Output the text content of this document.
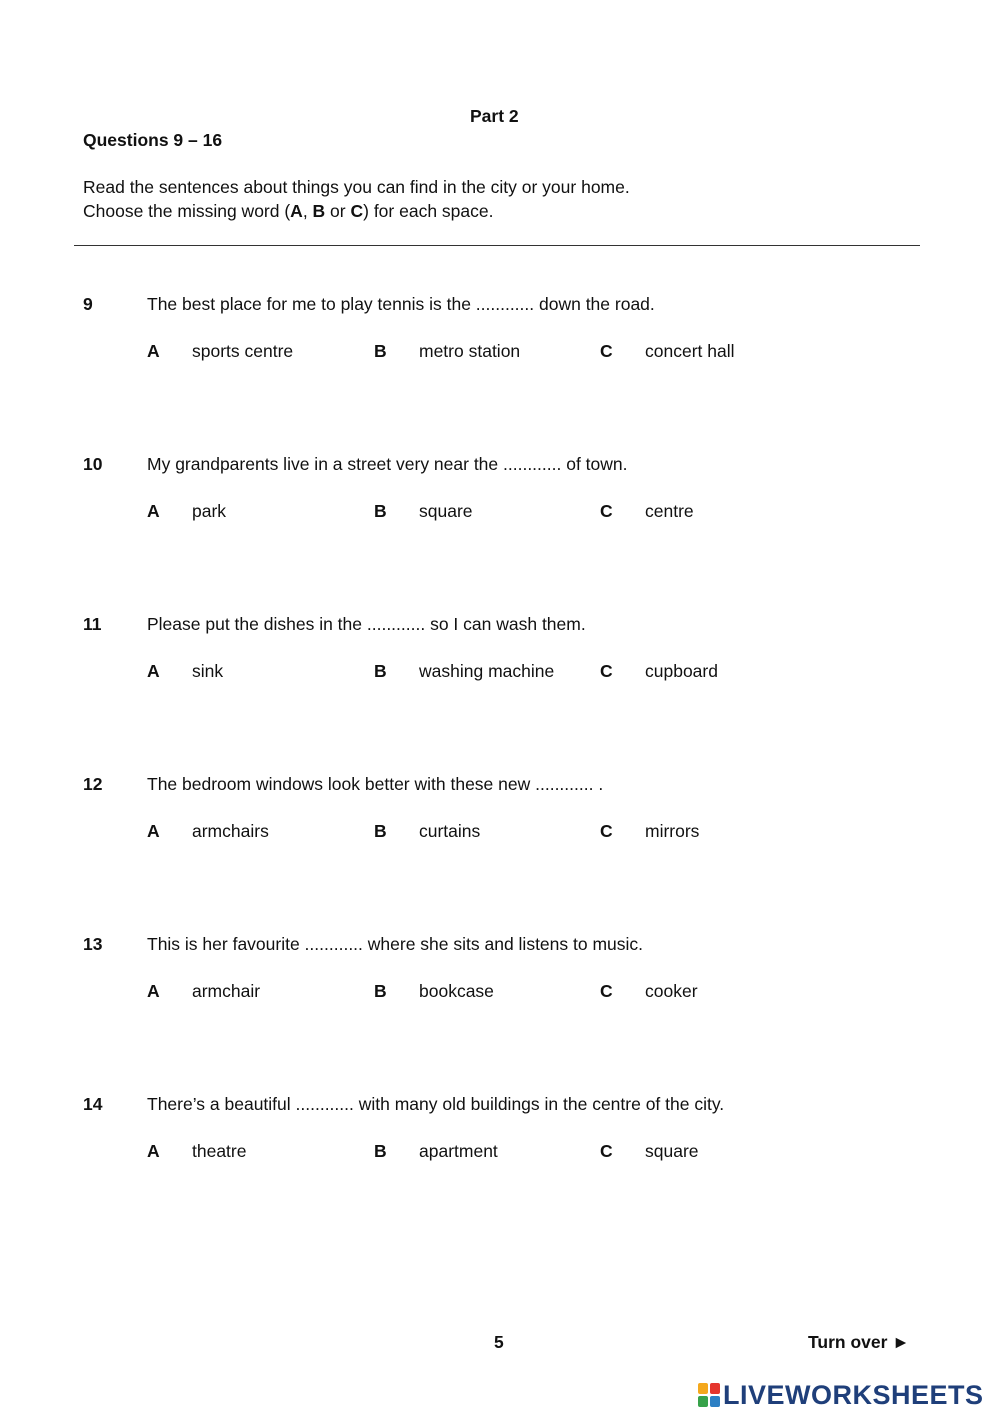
Part 2
Questions 9 – 16
Read the sentences about things you can find in the city or your home.
Choose the missing word (A, B or C) for each space.
9	The best place for me to play tennis is the ............ down the road.
A sports centre	B metro station	C concert hall
10	My grandparents live in a street very near the ............ of town.
A park	B square	C centre
11	Please put the dishes in the ............ so I can wash them.
A sink	B washing machine	C cupboard
12	The bedroom windows look better with these new ............ .
A armchairs	B curtains	C mirrors
13	This is her favourite ............ where she sits and listens to music.
A armchair	B bookcase	C cooker
14	There’s a beautiful ............ with many old buildings in the centre of the city.
A theatre	B apartment	C square
5	Turn over ►
LIVEWORKSHEETS
